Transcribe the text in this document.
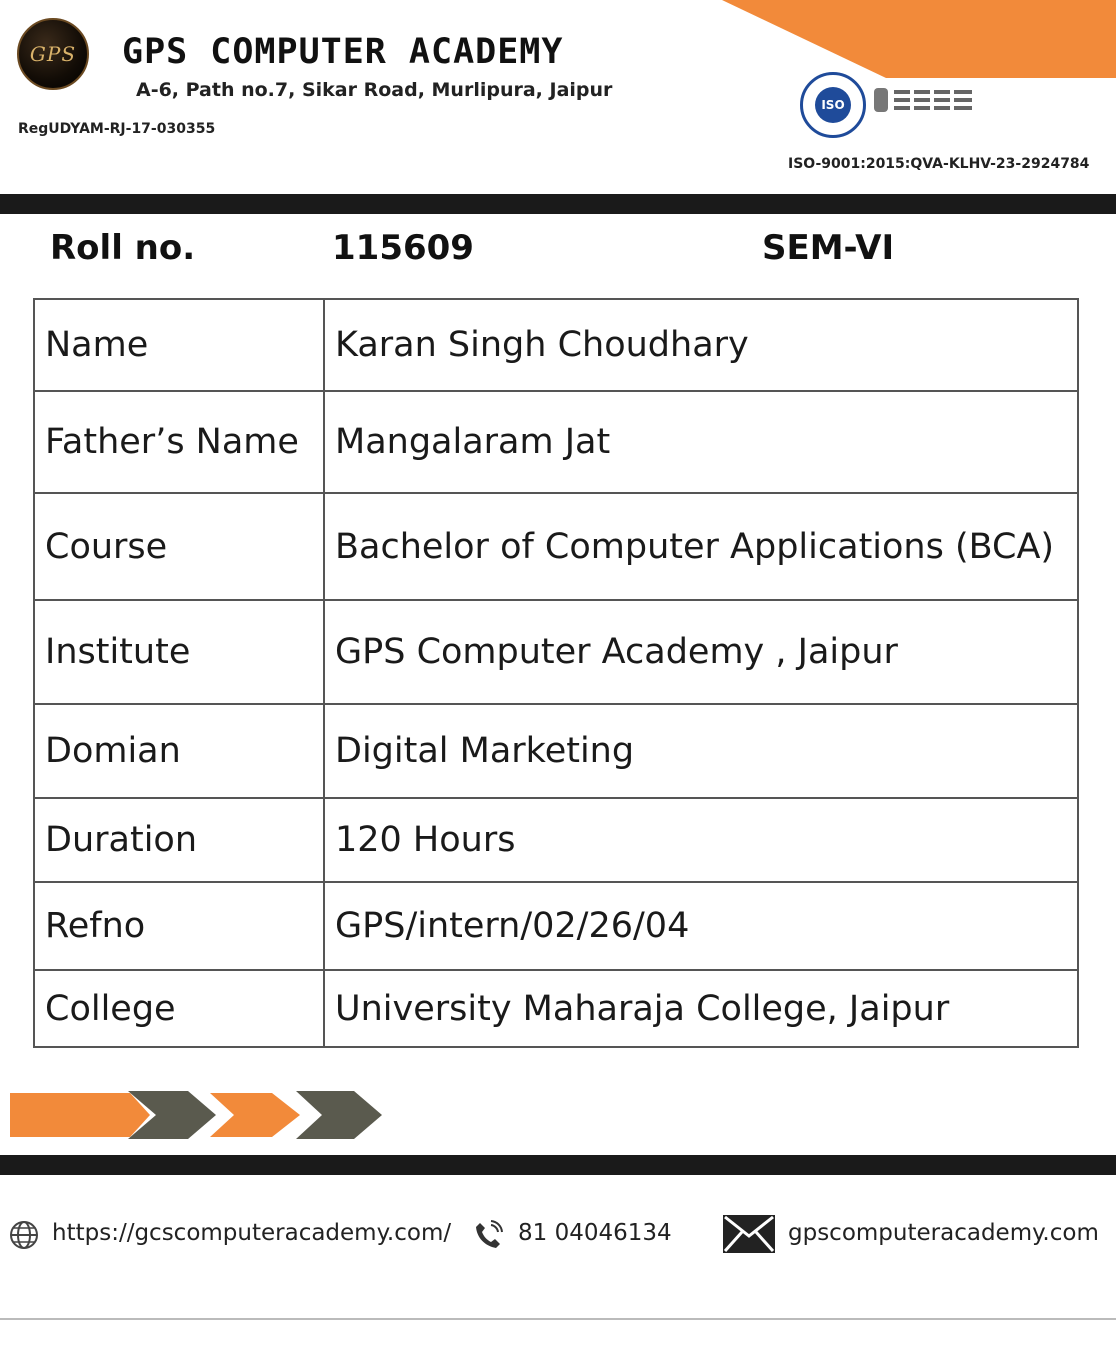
GPS GPS COMPUTER ACADEMY
A-6, Path no.7, Sikar Road, Murlipura, Jaipur
RegUDYAM-RJ-17-030355
ISO
ISO-9001:2015:QVA-KLHV-23-2924784
Roll no.	115609	SEM-VI
Name	Karan Singh Choudhary
Father’s Name	Mangalaram Jat
Course	Bachelor of Computer Applications (BCA)
Institute	GPS Computer Academy , Jaipur
Domian	Digital Marketing
Duration	120 Hours
Refno	GPS/intern/02/26/04
College	University Maharaja College, Jaipur
https://gcscomputeracademy.com/	81 04046134	gpscomputeracademy.com
